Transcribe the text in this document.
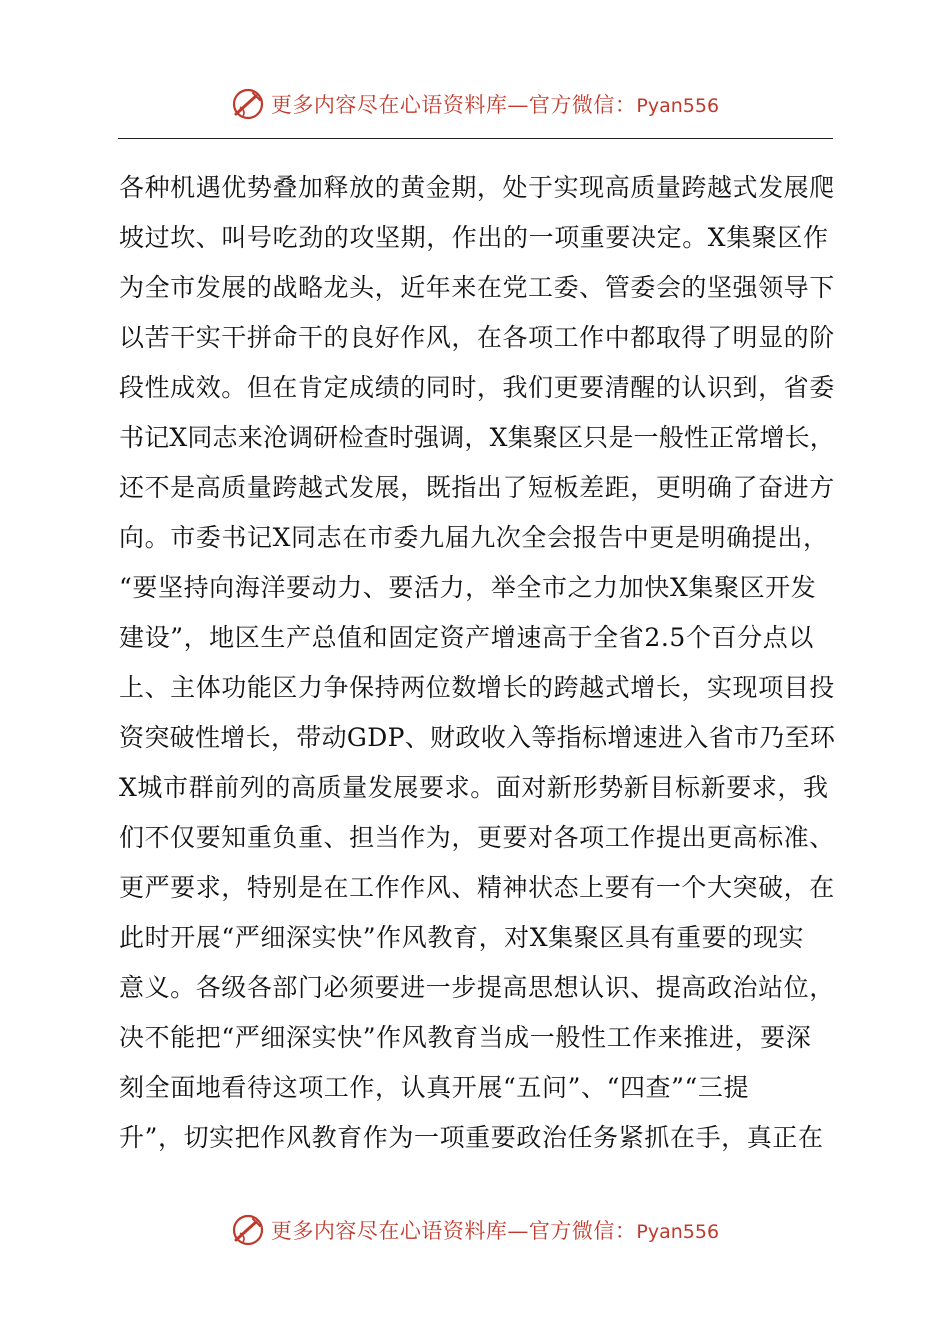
更多内容尽在心语资料库—官方微信：Pyan556
各种机遇优势叠加释放的黄金期，处于实现高质量跨越式发展爬
坡过坎、叫号吃劲的攻坚期，作出的一项重要决定。X集聚区作
为全市发展的战略龙头，近年来在党工委、管委会的坚强领导下
以苦干实干拼命干的良好作风，在各项工作中都取得了明显的阶
段性成效。但在肯定成绩的同时，我们更要清醒的认识到，省委
书记X同志来沧调研检查时强调，X集聚区只是一般性正常增长，
还不是高质量跨越式发展，既指出了短板差距，更明确了奋进方
向。市委书记X同志在市委九届九次全会报告中更是明确提出，
“要坚持向海洋要动力、要活力，举全市之力加快X集聚区开发
建设”，地区生产总值和固定资产增速高于全省2.5个百分点以
上、主体功能区力争保持两位数增长的跨越式增长，实现项目投
资突破性增长，带动GDP、财政收入等指标增速进入省市乃至环
X城市群前列的高质量发展要求。面对新形势新目标新要求，我
们不仅要知重负重、担当作为，更要对各项工作提出更高标准、
更严要求，特别是在工作作风、精神状态上要有一个大突破，在
此时开展“严细深实快”作风教育，对X集聚区具有重要的现实
意义。各级各部门必须要进一步提高思想认识、提高政治站位，
决不能把“严细深实快”作风教育当成一般性工作来推进，要深
刻全面地看待这项工作，认真开展“五问”、“四查”“三提
升”，切实把作风教育作为一项重要政治任务紧抓在手，真正在
更多内容尽在心语资料库—官方微信：Pyan556
